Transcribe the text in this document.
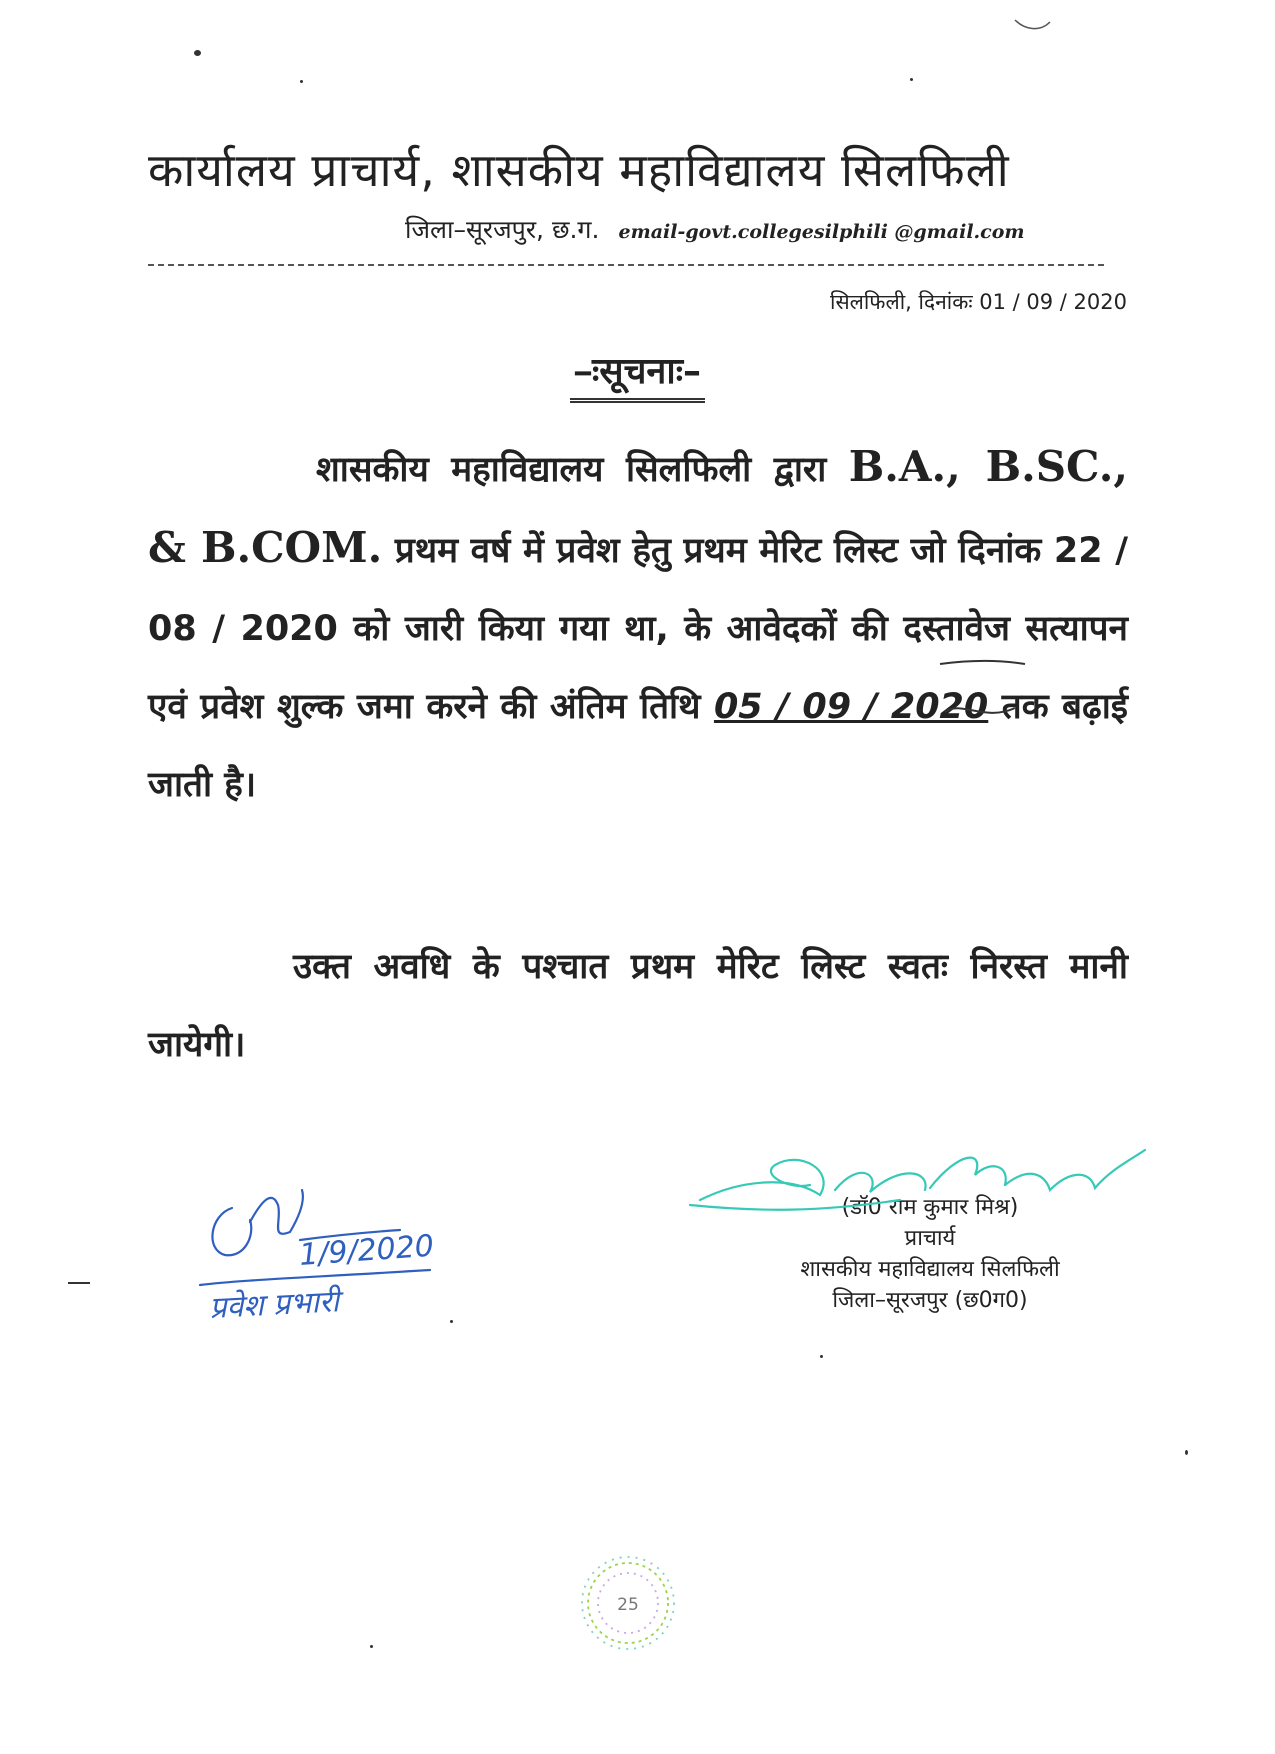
कार्यालय प्राचार्य, शासकीय महाविद्यालय सिलफिली
जिला–सूरजपुर, छ.ग. email-govt.collegesilphili @gmail.com
सिलफिली, दिनांकः 01 / 09 / 2020
–ःसूचनाः–
शासकीय महाविद्यालय सिलफिली द्वारा B.A., B.SC., & B.COM. प्रथम वर्ष में प्रवेश हेतु प्रथम मेरिट लिस्ट जो दिनांक 22 / 08 / 2020 को जारी किया गया था, के आवेदकों की दस्तावेज सत्यापन एवं प्रवेश शुल्क जमा करने की अंतिम तिथि 05 / 09 / 2020 तक बढ़ाई जाती है।
उक्त अवधि के पश्चात प्रथम मेरिट लिस्ट स्वतः निरस्त मानी जायेगी।
(डॉ0 राम कुमार मिश्र)
प्राचार्य
शासकीय महाविद्यालय सिलफिली
जिला–सूरजपुर (छ0ग0)
1/9/2020
प्रवेश प्रभारी
25
